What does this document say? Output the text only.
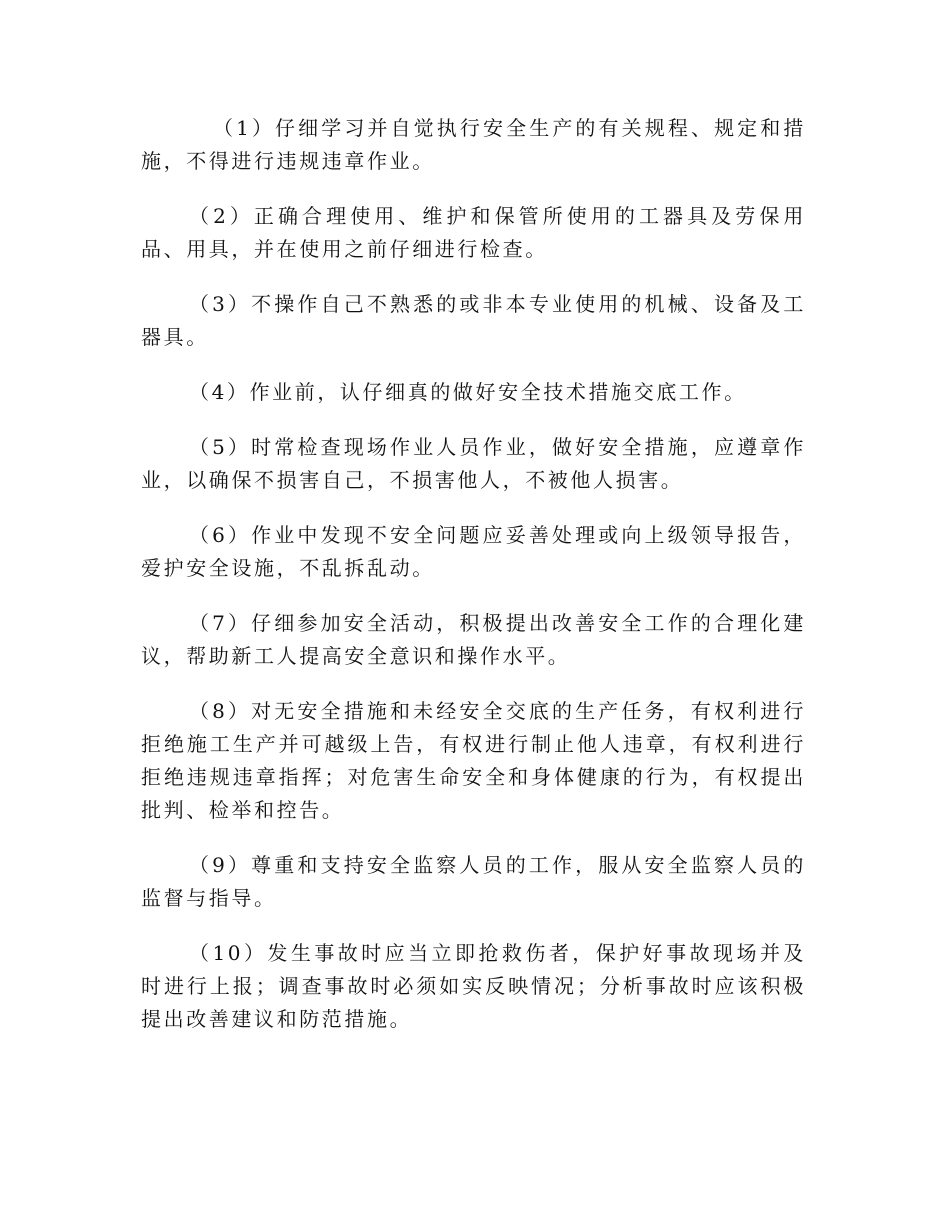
（1）仔细学习并自觉执行安全生产的有关规程、规定和措施，不得进行违规违章作业。

（2）正确合理使用、维护和保管所使用的工器具及劳保用品、用具，并在使用之前仔细进行检查。

（3）不操作自己不熟悉的或非本专业使用的机械、设备及工器具。

（4）作业前，认仔细真的做好安全技术措施交底工作。

（5）时常检查现场作业人员作业，做好安全措施，应遵章作业，以确保不损害自己，不损害他人，不被他人损害。

（6）作业中发现不安全问题应妥善处理或向上级领导报告，爱护安全设施，不乱拆乱动。

（7）仔细参加安全活动，积极提出改善安全工作的合理化建议，帮助新工人提高安全意识和操作水平。

（8）对无安全措施和未经安全交底的生产任务，有权利进行拒绝施工生产并可越级上告，有权进行制止他人违章，有权利进行拒绝违规违章指挥；对危害生命安全和身体健康的行为，有权提出批判、检举和控告。

（9）尊重和支持安全监察人员的工作，服从安全监察人员的监督与指导。

（10）发生事故时应当立即抢救伤者，保护好事故现场并及时进行上报；调查事故时必须如实反映情况；分析事故时应该积极提出改善建议和防范措施。
